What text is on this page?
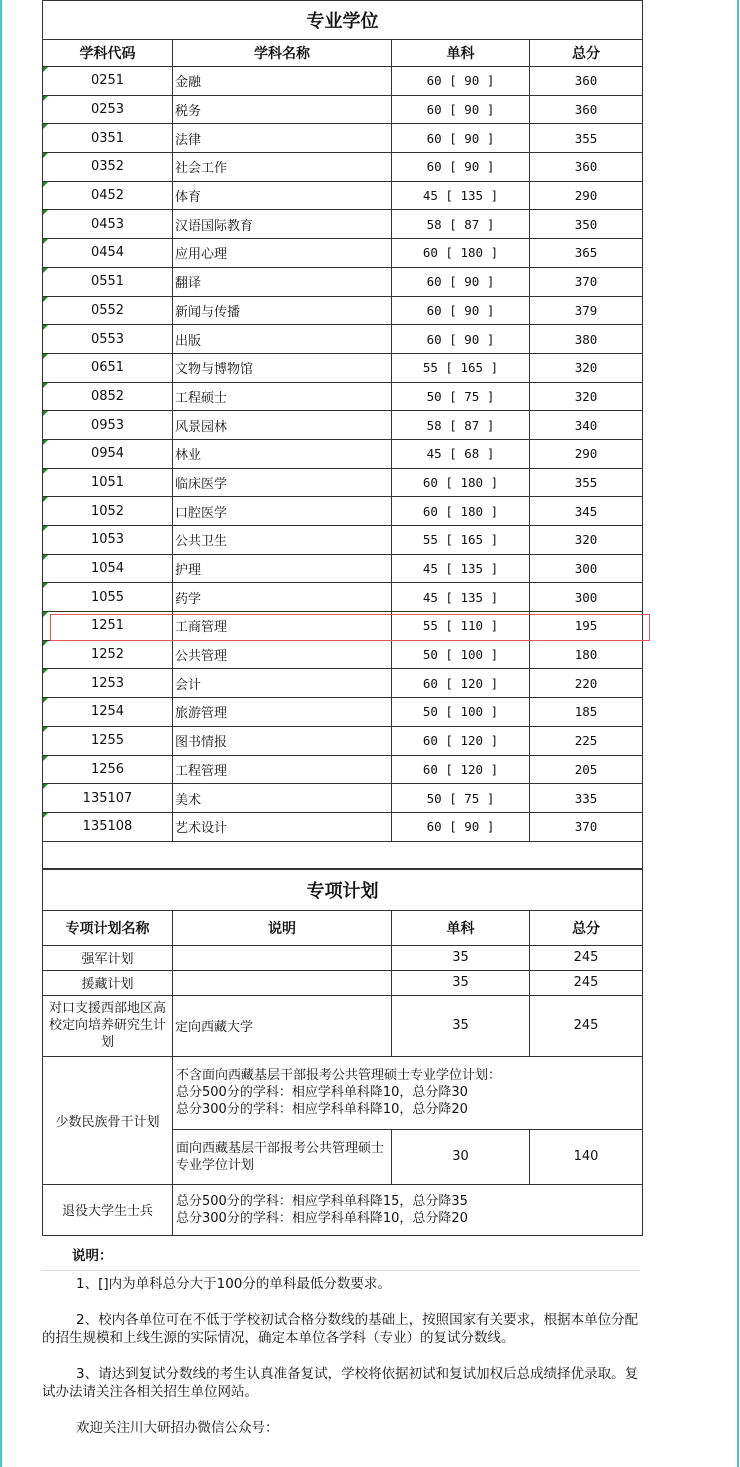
专业学位			
学科代码	学科名称	单科	总分
0251	金融	60 [ 90 ]	360
0253	税务	60 [ 90 ]	360
0351	法律	60 [ 90 ]	355
0352	社会工作	60 [ 90 ]	360
0452	体育	45 [ 135 ]	290
0453	汉语国际教育	58 [ 87 ]	350
0454	应用心理	60 [ 180 ]	365
0551	翻译	60 [ 90 ]	370
0552	新闻与传播	60 [ 90 ]	379
0553	出版	60 [ 90 ]	380
0651	文物与博物馆	55 [ 165 ]	320
0852	工程硕士	50 [ 75 ]	320
0953	风景园林	58 [ 87 ]	340
0954	林业	45 [ 68 ]	290
1051	临床医学	60 [ 180 ]	355
1052	口腔医学	60 [ 180 ]	345
1053	公共卫生	55 [ 165 ]	320
1054	护理	45 [ 135 ]	300
1055	药学	45 [ 135 ]	300
1251	工商管理	55 [ 110 ]	195
1252	公共管理	50 [ 100 ]	180
1253	会计	60 [ 120 ]	220
1254	旅游管理	50 [ 100 ]	185
1255	图书情报	60 [ 120 ]	225
1256	工程管理	60 [ 120 ]	205
135107	美术	50 [ 75 ]	335
135108	艺术设计	60 [ 90 ]	370

专项计划			
专项计划名称	说明	单科	总分
强军计划		35	245
援藏计划		35	245
对口支援西部地区高校定向培养研究生计划	定向西藏大学	35	245
少数民族骨干计划	不含面向西藏基层干部报考公共管理硕士专业学位计划：
总分500分的学科：相应学科单科降10，总分降30
总分300分的学科：相应学科单科降10，总分降20		

	面向西藏基层干部报考公共管理硕士专业学位计划	30	140
退役大学生士兵	总分500分的学科：相应学科单科降15，总分降35
总分300分的学科：相应学科单科降10，总分降20		
说明：

1、[]内为单科总分大于100分的单科最低分数要求。

2、校内各单位可在不低于学校初试合格分数线的基础上，按照国家有关要求，根据本单位分配的招生规模和上线生源的实际情况，确定本单位各学科（专业）的复试分数线。

3、请达到复试分数线的考生认真准备复试，学校将依据初试和复试加权后总成绩择优录取。复试办法请关注各相关招生单位网站。

欢迎关注川大研招办微信公众号：
